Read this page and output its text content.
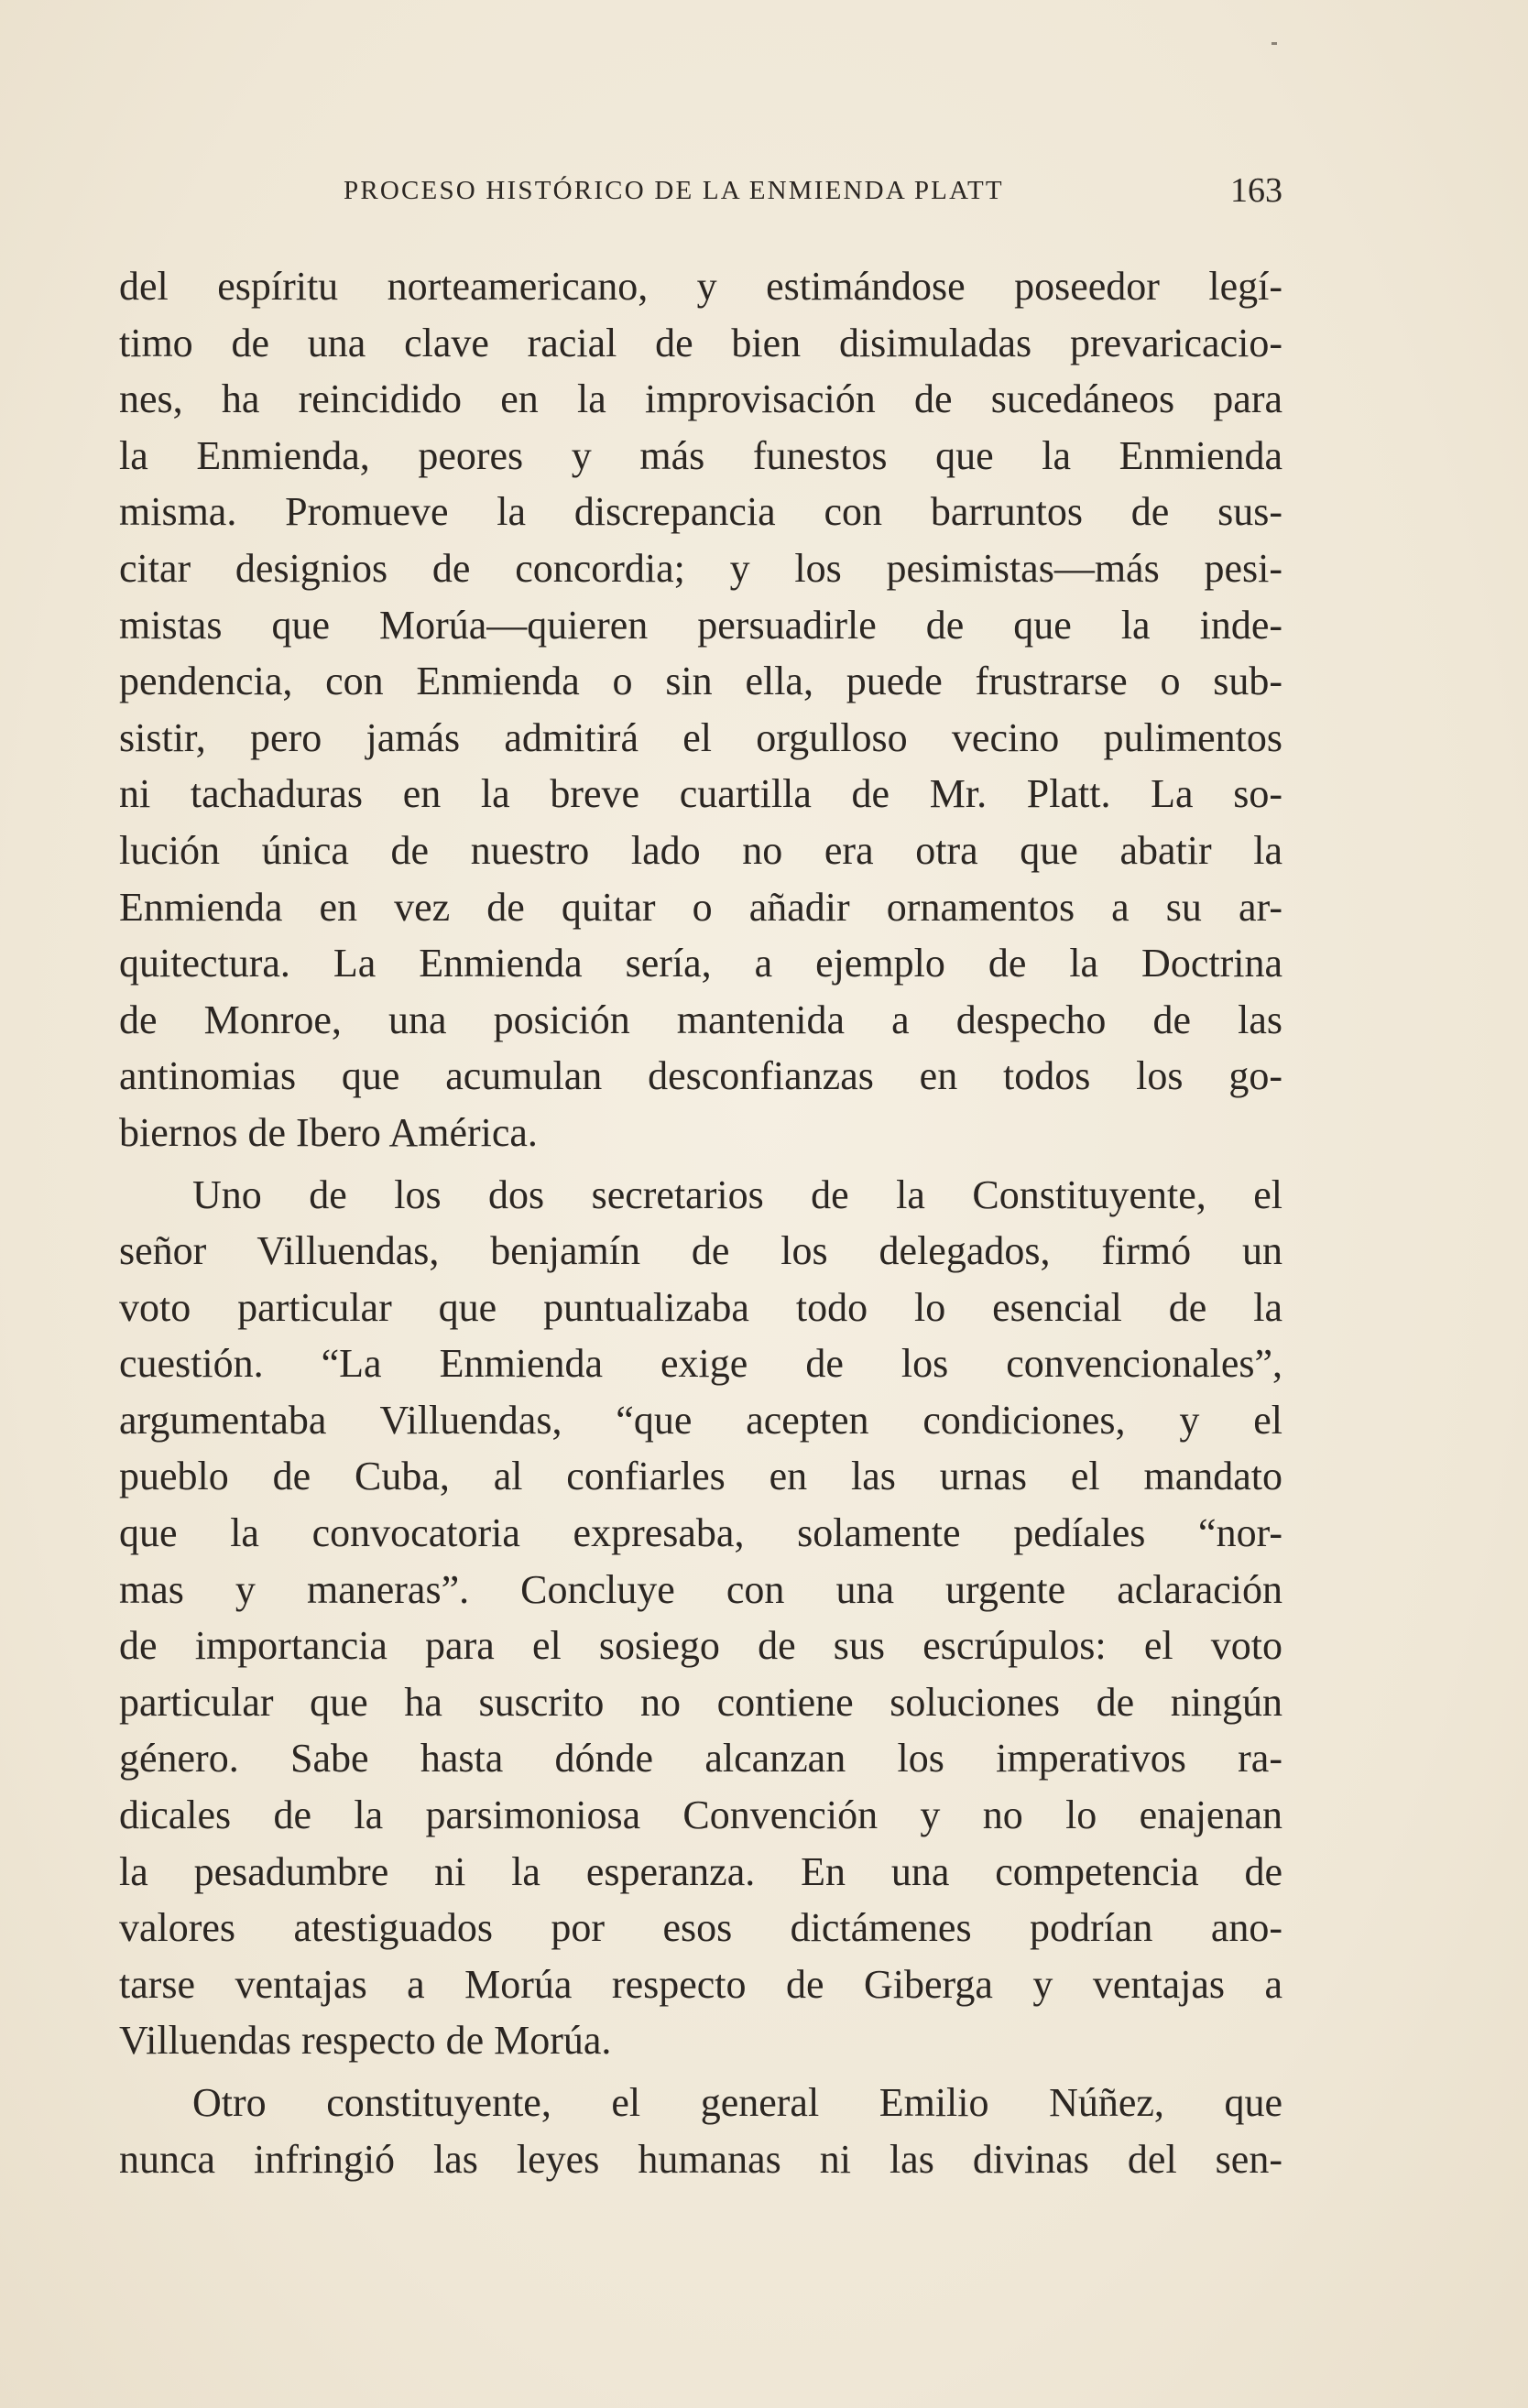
PROCESO HISTÓRICO DE LA ENMIENDA PLATT	163
del espíritu norteamericano, y estimándose poseedor legí-
timo de una clave racial de bien disimuladas prevaricacio-
nes, ha reincidido en la improvisación de sucedáneos para
la Enmienda, peores y más funestos que la Enmienda
misma. Promueve la discrepancia con barruntos de sus-
citar designios de concordia; y los pesimistas—más pesi-
mistas que Morúa—quieren persuadirle de que la inde-
pendencia, con Enmienda o sin ella, puede frustrarse o sub-
sistir, pero jamás admitirá el orgulloso vecino pulimentos
ni tachaduras en la breve cuartilla de Mr. Platt. La so-
lución única de nuestro lado no era otra que abatir la
Enmienda en vez de quitar o añadir ornamentos a su ar-
quitectura. La Enmienda sería, a ejemplo de la Doctrina
de Monroe, una posición mantenida a despecho de las
antinomias que acumulan desconfianzas en todos los go-
biernos de Ibero América.
Uno de los dos secretarios de la Constituyente, el
señor Villuendas, benjamín de los delegados, firmó un
voto particular que puntualizaba todo lo esencial de la
cuestión. “La Enmienda exige de los convencionales”,
argumentaba Villuendas, “que acepten condiciones, y el
pueblo de Cuba, al confiarles en las urnas el mandato
que la convocatoria expresaba, solamente pedíales “nor-
mas y maneras”. Concluye con una urgente aclaración
de importancia para el sosiego de sus escrúpulos: el voto
particular que ha suscrito no contiene soluciones de ningún
género. Sabe hasta dónde alcanzan los imperativos ra-
dicales de la parsimoniosa Convención y no lo enajenan
la pesadumbre ni la esperanza. En una competencia de
valores atestiguados por esos dictámenes podrían ano-
tarse ventajas a Morúa respecto de Giberga y ventajas a
Villuendas respecto de Morúa.
Otro constituyente, el general Emilio Núñez, que
nunca infringió las leyes humanas ni las divinas del sen-
